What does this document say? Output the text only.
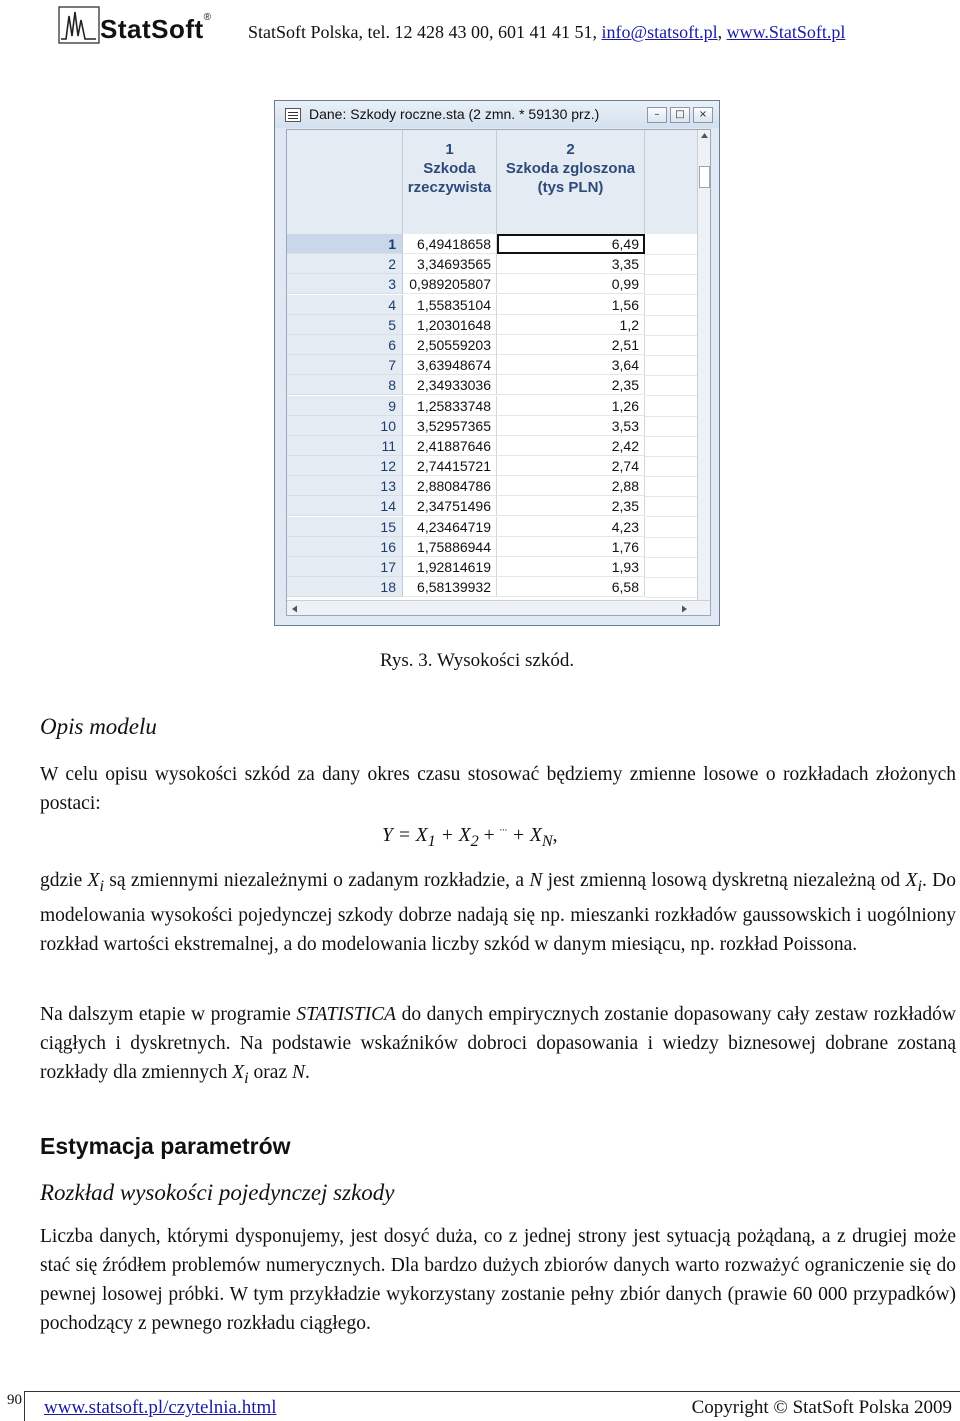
StatSoft®
StatSoft Polska, tel. 12 428 43 00, 601 41 41 51, info@statsoft.pl, www.StatSoft.pl
Dane: Szkody roczne.sta (2 zmn. * 59130 prz.)	–	□	×
1
Szkoda
rzeczywista
2
Szkoda zgloszona
(tys PLN)
1	6,49418658	6,49
2	3,34693565	3,35
3 0,989205807	0,99
4	1,55835104	1,56
5	1,20301648	1,2
6	2,50559203	2,51
7	3,63948674	3,64
8	2,34933036	2,35
9	1,25833748	1,26
10	3,52957365	3,53
11	2,41887646	2,42
12	2,74415721	2,74
13	2,88084786	2,88
14	2,34751496	2,35
15	4,23464719	4,23
16	1,75886944	1,76
17	1,92814619	1,93
18	6,58139932	6,58
Rys. 3. Wysokości szkód.
Opis modelu
W celu opisu wysokości szkód za dany okres czasu stosować będziemy zmienne losowe o rozkładach złożonych postaci:
$Y = X_1 + X_2 + ^{\cdot\cdot\cdot} + X_N$,
gdzie $X_i$ są zmiennymi niezależnymi o zadanym rozkładzie, a N jest zmienną losową dyskretną niezależną od $X_i$. Do modelowania wysokości pojedynczej szkody dobrze nadają się np. mieszanki rozkładów gaussowskich i uogólniony rozkład wartości ekstremalnej, a do modelowania liczby szkód w danym miesiącu, np. rozkład Poissona.
Na dalszym etapie w programie STATISTICA do danych empirycznych zostanie dopasowany cały zestaw rozkładów ciągłych i dyskretnych. Na podstawie wskaźników dobroci dopasowania i wiedzy biznesowej dobrane zostaną rozkłady dla zmiennych $X_i$ oraz N.
Estymacja parametrów
Rozkład wysokości pojedynczej szkody
Liczba danych, którymi dysponujemy, jest dosyć duża, co z jednej strony jest sytuacją pożądaną, a z drugiej może stać się źródłem problemów numerycznych. Dla bardzo dużych zbiorów danych warto rozważyć ograniczenie się do pewnej losowej próbki. W tym przykładzie wykorzystany zostanie pełny zbiór danych (prawie 60 000 przypadków) pochodzący z pewnego rozkładu ciągłego.
90 www.statsoft.pl/czytelnia.html	Copyright © StatSoft Polska 2009
